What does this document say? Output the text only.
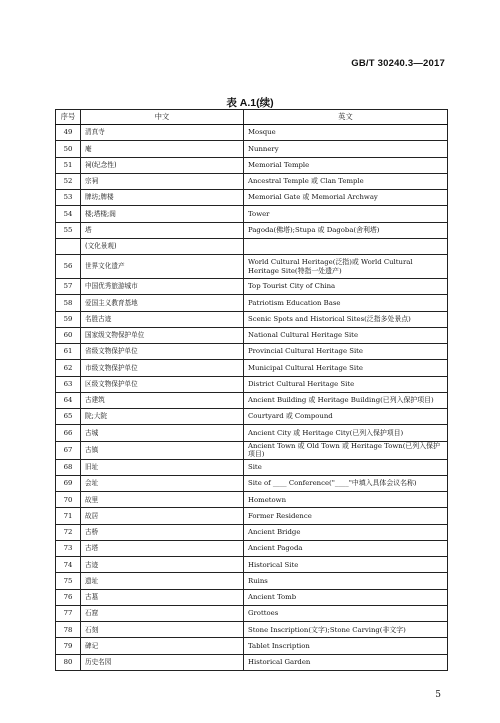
GB/T 30240.3—2017
表 A.1(续)
序号	中文	英文
49	清真寺	Mosque
50	庵	Nunnery
51	祠(纪念性)	Memorial Temple
52	宗祠	Ancestral Temple 或 Clan Temple
53	牌坊;牌楼	Memorial Gate 或 Memorial Archway
54	楼;塔楼;阁	Tower
55	塔	Pagoda(佛塔);Stupa 或 Dagoba(舍利塔)
	(文化景观)	
56	世界文化遗产	World Cultural Heritage(泛指)或 World Cultural Heritage Site(特指一处遗产)
57	中国优秀旅游城市	Top Tourist City of China
58	爱国主义教育基地	Patriotism Education Base
59	名胜古迹	Scenic Spots and Historical Sites(泛指多处景点)
60	国家级文物保护单位	National Cultural Heritage Site
61	省级文物保护单位	Provincial Cultural Heritage Site
62	市级文物保护单位	Municipal Cultural Heritage Site
63	区级文物保护单位	District Cultural Heritage Site
64	古建筑	Ancient Building 或 Heritage Building(已列入保护项目)
65	院;大院	Courtyard 或 Compound
66	古城	Ancient City 或 Heritage City(已列入保护项目)
67	古镇	Ancient Town 或 Old Town 或 Heritage Town(已列入保护项目)
68	旧址	Site
69	会址	Site of ____ Conference("____"中填入具体会议名称)
70	故里	Hometown
71	故居	Former Residence
72	古桥	Ancient Bridge
73	古塔	Ancient Pagoda
74	古迹	Historical Site
75	遗址	Ruins
76	古墓	Ancient Tomb
77	石窟	Grottoes
78	石刻	Stone Inscription(文字);Stone Carving(非文字)
79	碑记	Tablet Inscription
80	历史名园	Historical Garden
5
